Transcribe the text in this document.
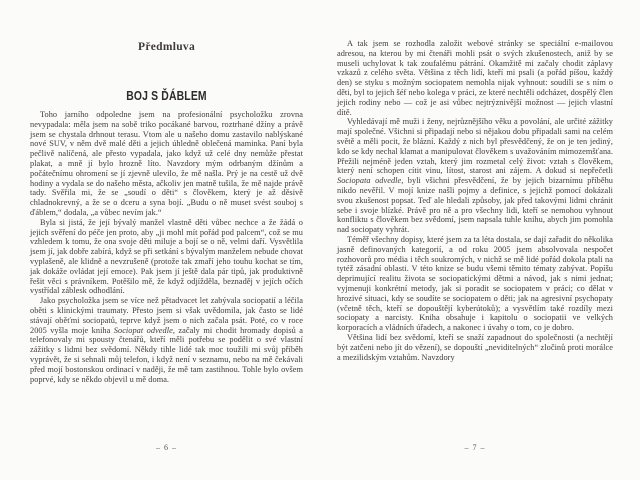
Předmluva
BOJ S ĎÁBLEM

Toho jarního odpoledne jsem na profesionální psycholožku zrovna nevypadala: měla jsem na sobě triko pocákané barvou, roztrhané džíny a právě jsem se chystala drhnout terasu. Vtom ale u našeho domu zastavilo nablýskané nové SUV, v něm dvě malé děti a jejich úhledně oblečená maminka. Paní byla pečlivě nalíčená, ale přesto vypadala, jako když už celé dny nemůže přestat plakat, a mně jí bylo hrozně líto. Navzdory mým odrbaným džínům a počátečnímu ohromení se jí zjevně ulevilo, že mě našla. Prý je na cestě už dvě hodiny a vydala se do našeho města, ačkoliv jen matně tušila, že mě najde právě tady. Svěřila mi, že se „soudí o děti“ s člověkem, který je až děsivě chladnokrevný, a že se o dceru a syna bojí. „Budu o ně muset svést souboj s ďáblem,“ dodala, „a vůbec nevím jak.“

Byla si jistá, že její bývalý manžel vlastně děti vůbec nechce a že žádá o jejich svěření do péče jen proto, aby „ji mohl mít pořád pod palcem“, což se mu vzhledem k tomu, že ona svoje děti miluje a bojí se o ně, velmi daří. Vysvětlila jsem jí, jak dobře zabírá, když se při setkání s bývalým manželem nebude chovat vyplašeně, ale klidně a nevzrušeně (protože tak zmaří jeho touhu kochat se tím, jak dokáže ovládat její emoce). Pak jsem jí ještě dala pár tipů, jak produktivně řešit věci s právníkem. Potěšilo mě, že když odjížděla, beznaděj v jejích očích vystřídal záblesk odhodlání.

Jako psycholožka jsem se více než pětadvacet let zabývala sociopatií a léčila oběti s klinickými traumaty. Přesto jsem si však uvědomila, jak často se lidé stávají oběťmi sociopatů, teprve když jsem o nich začala psát. Poté, co v roce 2005 vyšla moje kniha Sociopat odvedle, začaly mi chodit hromady dopisů a telefonovaly mi spousty čtenářů, kteří měli potřebu se podělit o své vlastní zážitky s lidmi bez svědomí. Někdy tihle lidé tak moc toužili mi svůj příběh vyprávět, že si sehnali můj telefon, i když není v seznamu, nebo na mě čekávali před mojí bostonskou ordinací v naději, že mě tam zastihnou. Tohle bylo ovšem poprvé, kdy se někdo objevil u mě doma.

– 6 –

A tak jsem se rozhodla založit webové stránky se speciální e-mailovou adresou, na kterou by mi čtenáři mohli psát o svých zkušenostech, aniž by se museli uchylovat k tak zoufalému pátrání. Okamžitě mi začaly chodit záplavy vzkazů z celého světa. Většina z těch lidí, kteří mi psali (a pořád píšou, každý den) se styku s možným sociopatem nemohla nijak vyhnout: soudili se s ním o děti, byl to jejich šéf nebo kolega v práci, ze které nechtěli odcházet, dospělý člen jejich rodiny nebo — což je asi vůbec nejtrýznivější možnost — jejich vlastní dítě.

Vyhledávají mě muži i ženy, nejrůznějšího věku a povolání, ale určité zážitky mají společné. Všichni si připadají nebo si nějakou dobu připadali sami na celém světě a měli pocit, že blázní. Každý z nich byl přesvědčený, že on je ten jediný, kdo se kdy nechal klamat a manipulovat člověkem s uvažováním mimozemšťana. Přežili nejméně jeden vztah, který jim rozmetal celý život: vztah s člověkem, který není schopen cítit vinu, lítost, starost ani zájem. A dokud si nepřečetli Sociopata odvedle, byli všichni přesvědčení, že by jejich bizarnímu příběhu nikdo nevěřil. V mojí knize našli pojmy a definice, s jejichž pomocí dokázali svou zkušenost popsat. Teď ale hledali způsoby, jak před takovými lidmi chránit sebe i svoje blízké. Právě pro ně a pro všechny lidi, kteří se nemohou vyhnout konfliktu s člověkem bez svědomí, jsem napsala tuhle knihu, abych jim pomohla nad sociopaty vyhrát.

Téměř všechny dopisy, které jsem za ta léta dostala, se dají zařadit do několika jasně definovaných kategorií, a od roku 2005 jsem absolvovala nespočet rozhovorů pro média i těch soukromých, v nichž se mě lidé pořád dokola ptali na tytéž zásadní oblasti. V této knize se budu všemi těmito tématy zabývat. Popíšu deprimující realitu života se sociopatickými dětmi a návod, jak s nimi jednat; vyjmenuji konkrétní metody, jak si poradit se sociopatem v práci; co dělat v hrozivé situaci, kdy se soudíte se sociopatem o děti; jak na agresivní psychopaty (včetně těch, kteří se dopouštějí kyberútoků); a vysvětlím také rozdíly mezi sociopaty a narcisty. Kniha obsahuje i kapitolu o sociopatii ve velkých korporacích a vládních úřadech, a nakonec i úvahy o tom, co je dobro.

Většina lidí bez svědomí, kteří se snaží zapadnout do společnosti (a nechtějí být zatčeni nebo jít do vězení), se dopouští „neviditelných“ zločinů proti morálce a mezilidským vztahům. Navzdory

– 7 –
